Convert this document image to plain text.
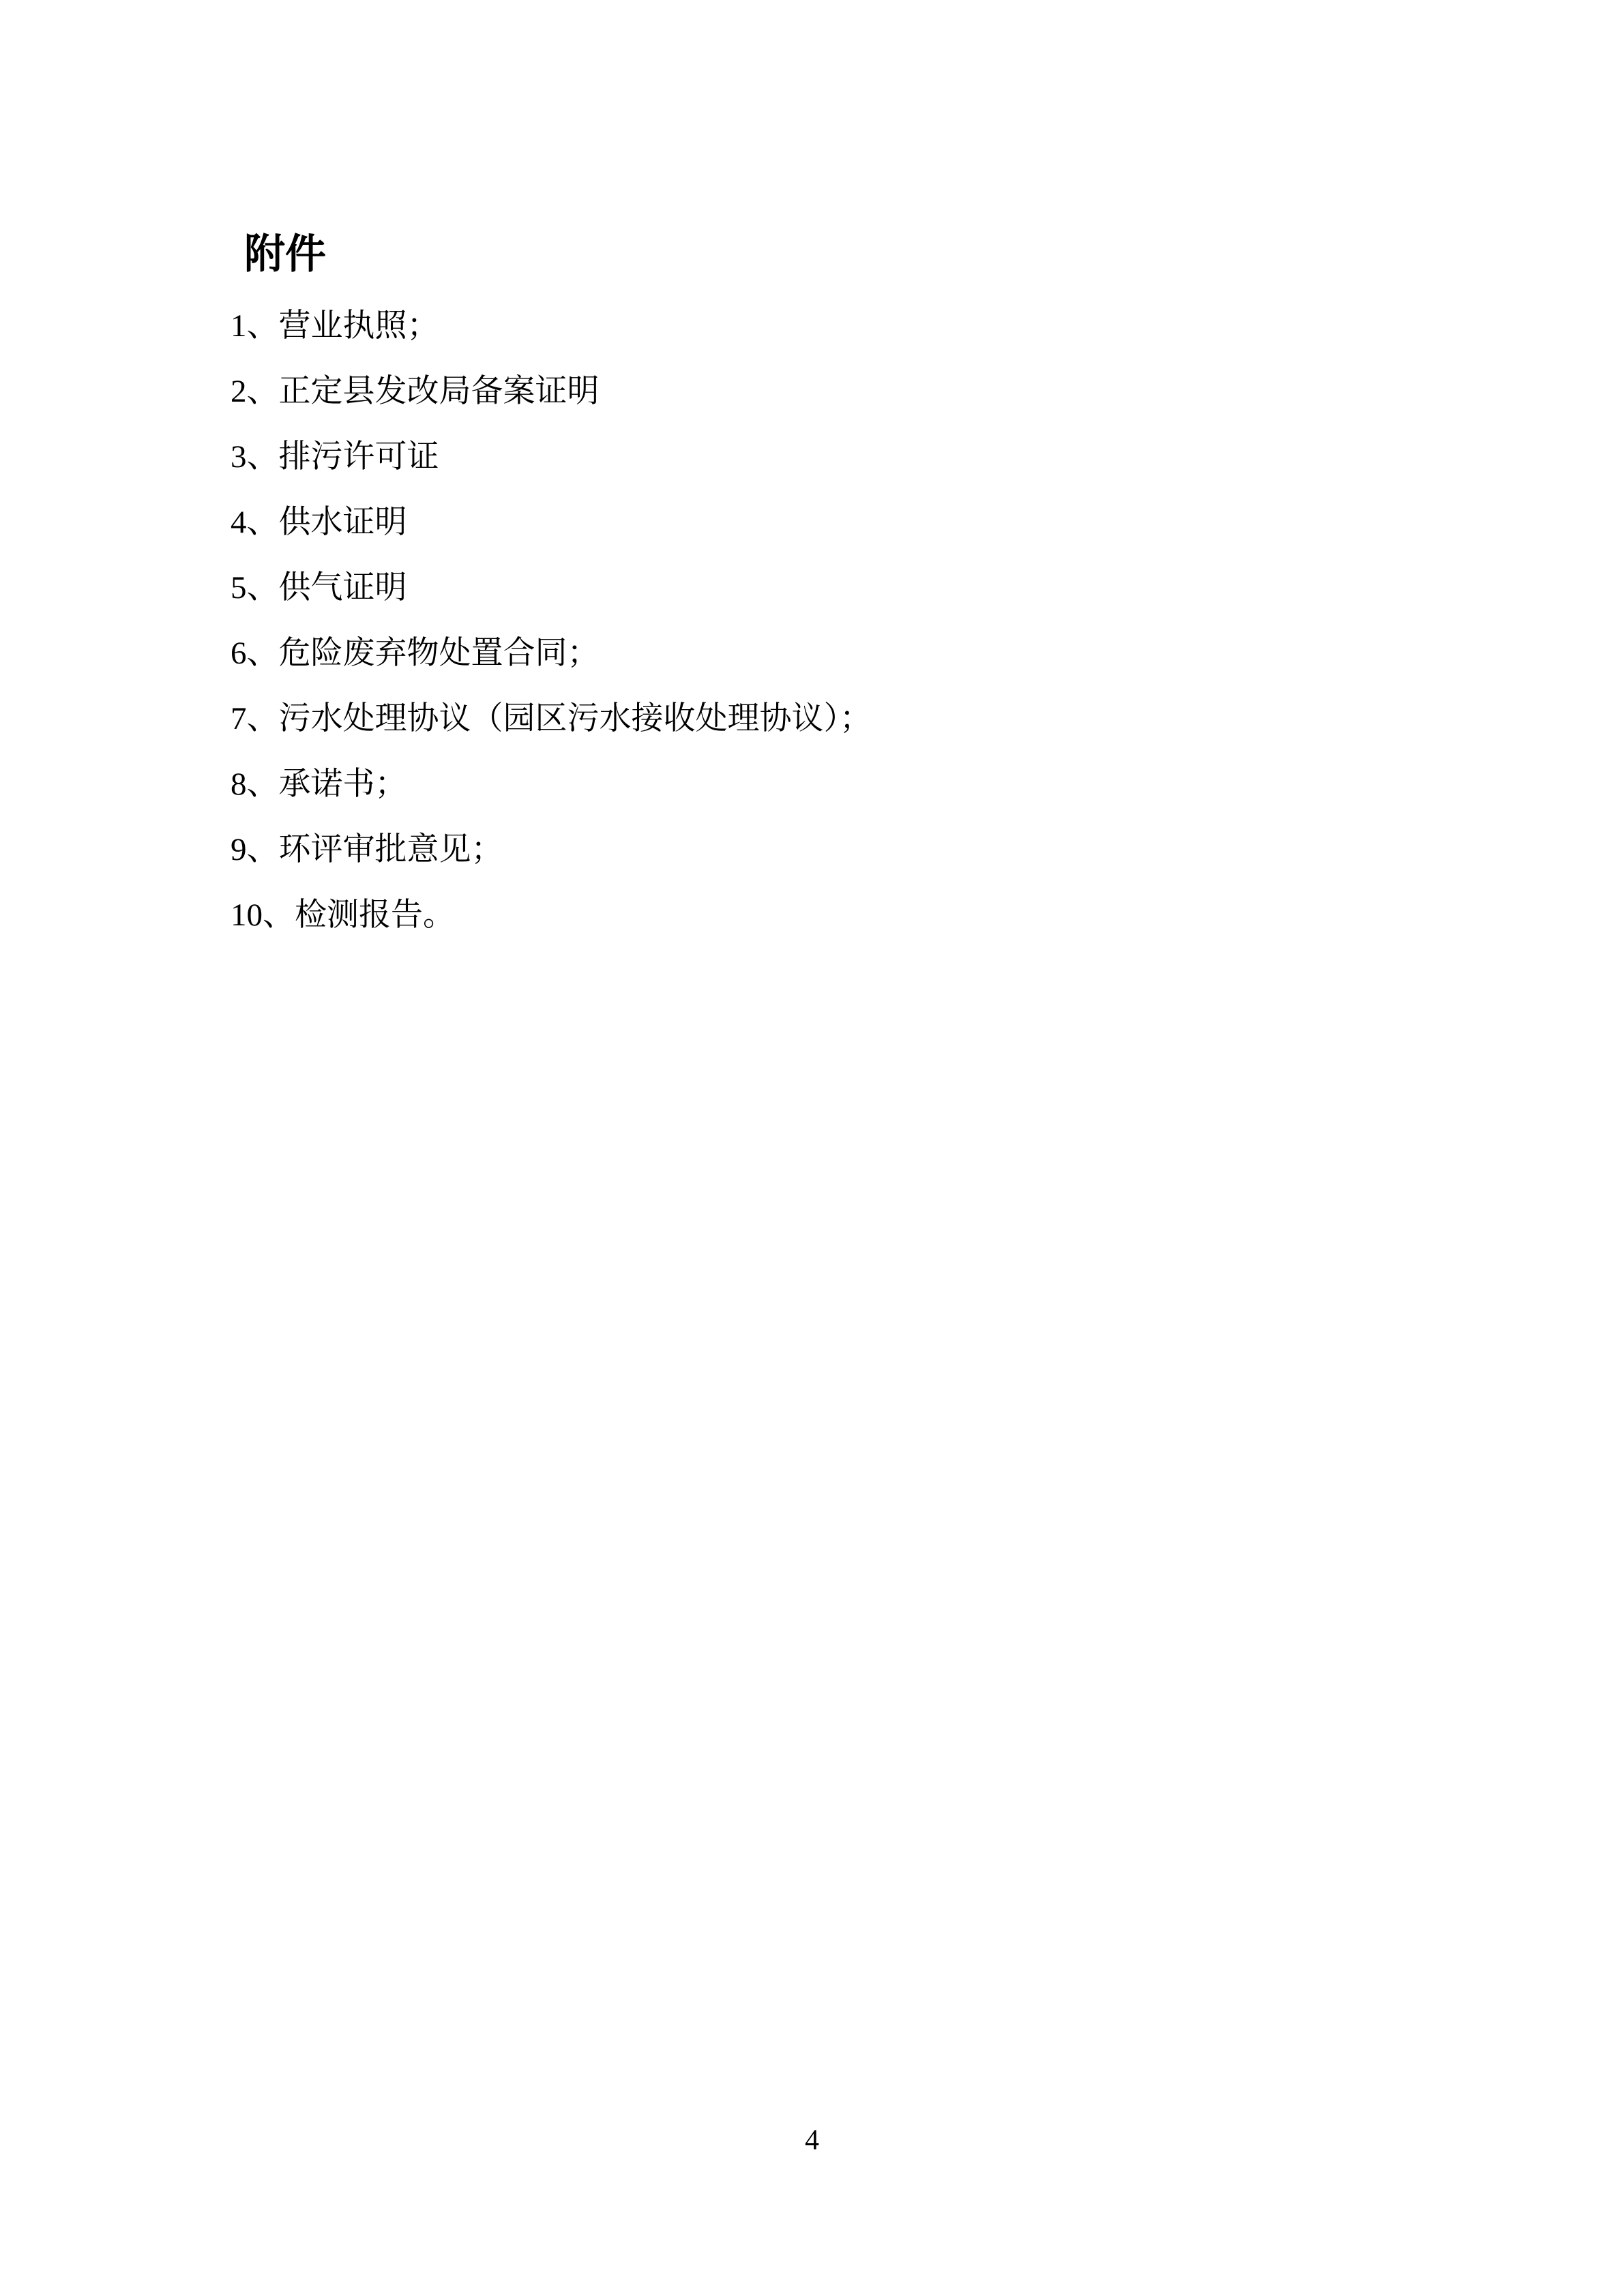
附件
1、营业执照；
2、正定县发改局备案证明
3、排污许可证
4、供水证明
5、供气证明
6、危险废弃物处置合同；
7、污水处理协议（园区污水接收处理协议）；
8、承诺书；
9、环评审批意见；
10、检测报告。
4
